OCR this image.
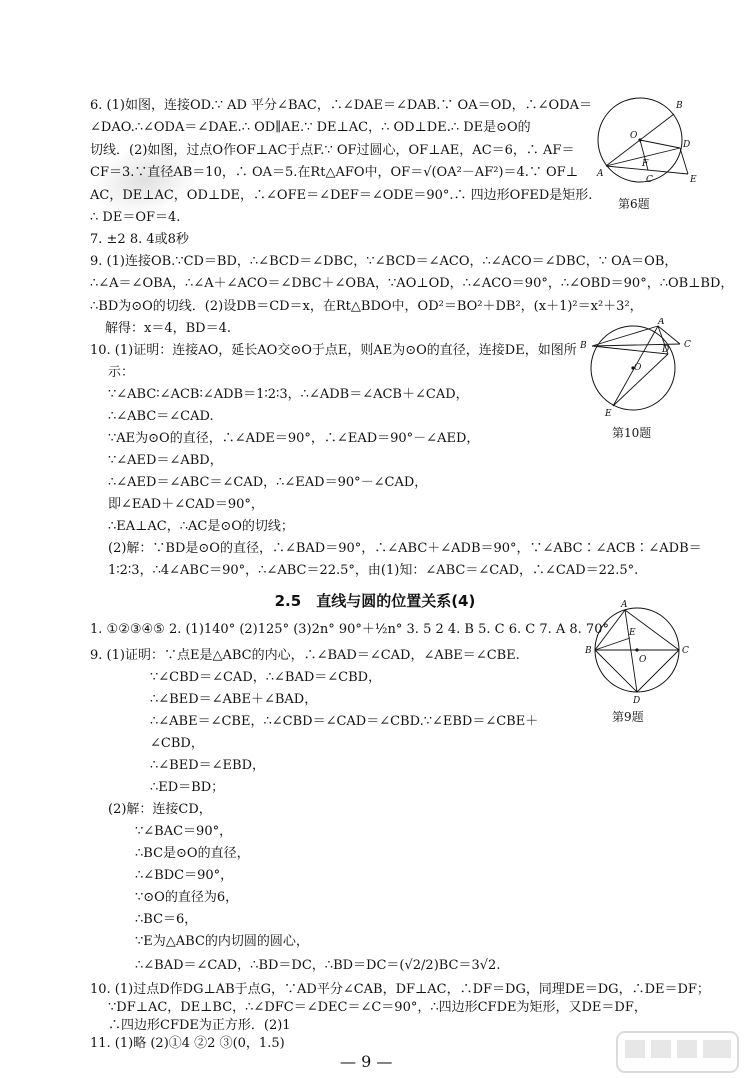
6. (1)如图，连接OD.∵ AD 平分∠BAC，∴∠DAE＝∠DAB.∵ OA＝OD，∴∠ODA＝
∠DAO.∴∠ODA＝∠DAE.∴ OD∥AE.∵ DE⊥AC，∴ OD⊥DE.∴ DE是⊙O的
切线．(2)如图，过点O作OF⊥AC于点F.∵ OF过圆心，OF⊥AE，AC＝6，∴ AF＝
CF＝3.∵直径AB＝10，∴ OA＝5.在Rt△AFO中，OF＝√(OA²－AF²)＝4.∵ OF⊥
AC，DE⊥AC，OD⊥DE，∴∠OFE＝∠DEF＝∠ODE＝90°.∴ 四边形OFED是矩形.
∴ DE＝OF＝4.
7. ±2 8. 4或8秒
9. (1)连接OB.∵CD＝BD，∴∠BCD＝∠DBC，∵∠BCD＝∠ACO，∴∠ACO＝∠DBC，∵ OA＝OB，
∴∠A＝∠OBA，∴∠A＋∠ACO＝∠DBC＋∠OBA，∵AO⊥OD，∴∠ACO＝90°，∴∠OBD＝90°，∴OB⊥BD，
∴BD为⊙O的切线．(2)设DB＝CD＝x，在Rt△BDO中，OD²＝BO²＋DB²，(x＋1)²＝x²＋3²，
解得：x＝4，BD＝4.
10. (1)证明：连接AO，延长AO交⊙O于点E，则AE为⊙O的直径，连接DE，如图所
示：
∵∠ABC∶∠ACB∶∠ADB＝1∶2∶3，∴∠ADB＝∠ACB＋∠CAD，
∴∠ABC＝∠CAD.
∵AE为⊙O的直径，∴∠ADE＝90°，∴∠EAD＝90°－∠AED，
∵∠AED＝∠ABD，
∴∠AED＝∠ABC＝∠CAD，∴∠EAD＝90°－∠CAD，
即∠EAD＋∠CAD＝90°，
∴EA⊥AC，∴AC是⊙O的切线；
(2)解：∵BD是⊙O的直径，∴∠BAD＝90°，∴∠ABC＋∠ADB＝90°，∵∠ABC∶∠ACB∶∠ADB＝
1∶2∶3，∴4∠ABC＝90°，∴∠ABC＝22.5°，由(1)知：∠ABC＝∠CAD，∴∠CAD＝22.5°.
2.5　直线与圆的位置关系(4)
1. ①②③④⑤ 2. (1)140° (2)125° (3)2n° 90°＋½n° 3. 5 2 4. B 5. C 6. C 7. A 8. 70°
9. (1)证明：∵点E是△ABC的内心，∴∠BAD＝∠CAD，∠ABE＝∠CBE.
∵∠CBD＝∠CAD，∴∠BAD＝∠CBD，
∴∠BED＝∠ABE＋∠BAD，
∴∠ABE＝∠CBE，∴∠CBD＝∠CAD＝∠CBD.∵∠EBD＝∠CBE＋
∠CBD，
∴∠BED＝∠EBD，
∴ED＝BD；
(2)解：连接CD，
∵∠BAC＝90°，
∴BC是⊙O的直径，
∴∠BDC＝90°，
∵⊙O的直径为6，
∴BC＝6，
∵E为△ABC的内切圆的圆心，
∴∠BAD＝∠CAD，∴BD＝DC，∴BD＝DC＝(√2/2)BC＝3√2.
10. (1)过点D作DG⊥AB于点G，∵AD平分∠CAB，DF⊥AC，∴DF＝DG，同理DE＝DG，∴DE＝DF；
∵DF⊥AC，DE⊥BC，∴∠DFC＝∠DEC＝∠C＝90°，∴四边形CFDE为矩形，又DE＝DF，
∴四边形CFDE为正方形．(2)1
11. (1)略 (2)①4 ②2 ③(0，1.5)
B
O
D
F
A
C	E
第6题
A
B	D C
O
E
第10题
A
E
B
O
C
D
第9题
— 9 —
